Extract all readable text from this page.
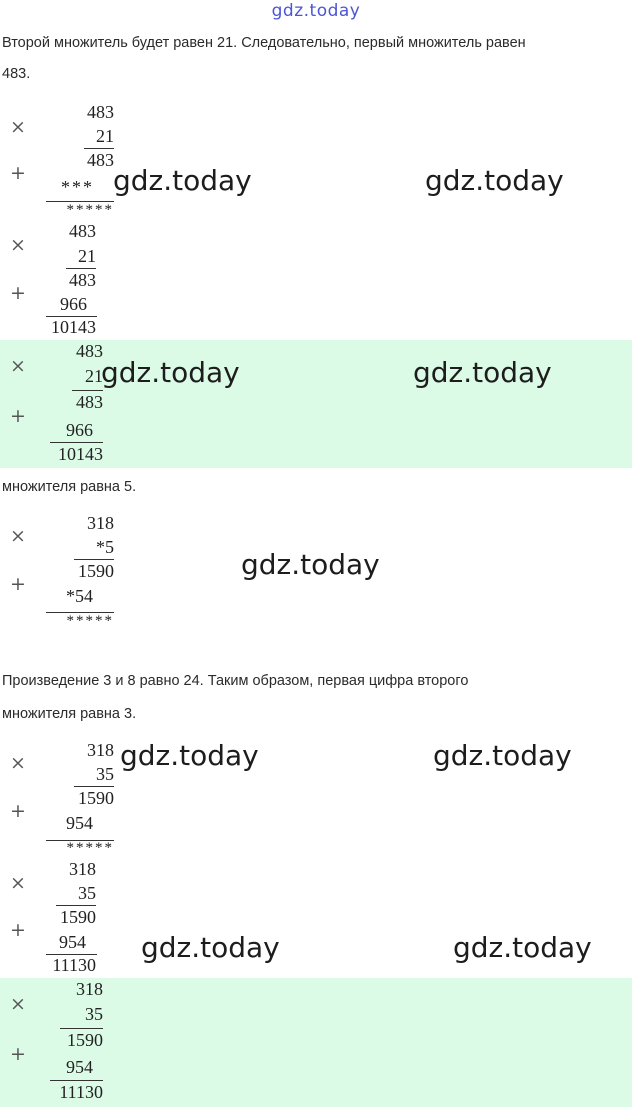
gdz.today
Второй множитель будет равен 21. Следовательно, первый множитель равен
483.
×
+
483
21
483
***
*****
×
+
483
21
483
966
10143
×
+
483
21
483
966
10143
множителя равна 5.
×
+
318
*5
1590
*54
*****
Произведение 3 и 8 равно 24. Таким образом, первая цифра второго
множителя равна 3.
×
+
318
35
1590
954
*****
×
+
318
35
1590
954
11130
×
+
318
35
1590
954
11130
gdz.today	gdz.today
gdz.today	gdz.today
gdz.today
gdz.today	gdz.today
gdz.today	gdz.today
